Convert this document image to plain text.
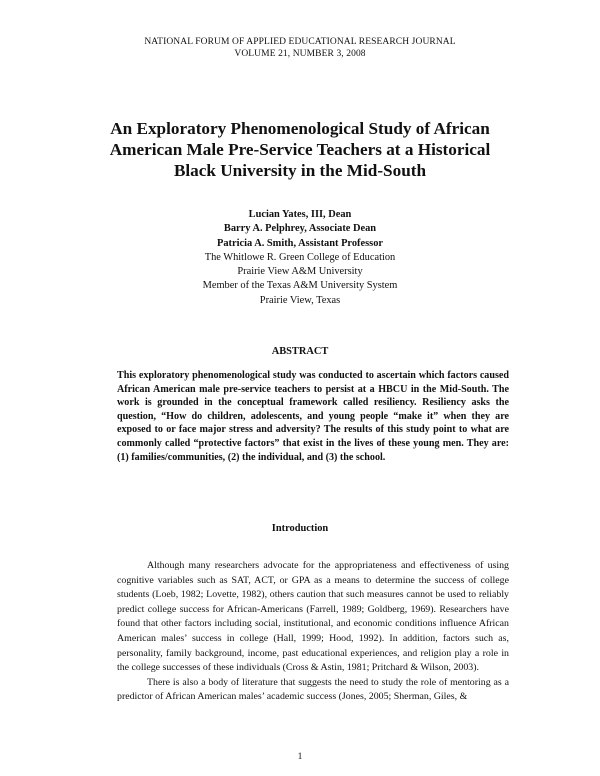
NATIONAL FORUM OF APPLIED EDUCATIONAL RESEARCH JOURNAL
VOLUME 21, NUMBER 3, 2008
An Exploratory Phenomenological Study of African American Male Pre-Service Teachers at a Historical Black University in the Mid-South
Lucian Yates, III, Dean
Barry A. Pelphrey, Associate Dean
Patricia A. Smith, Assistant Professor
The Whitlowe R. Green College of Education
Prairie View A&M University
Member of the Texas A&M University System
Prairie View, Texas
ABSTRACT
This exploratory phenomenological study was conducted to ascertain which factors caused African American male pre-service teachers to persist at a HBCU in the Mid-South. The work is grounded in the conceptual framework called resiliency. Resiliency asks the question, “How do children, adolescents, and young people “make it” when they are exposed to or face major stress and adversity? The results of this study point to what are commonly called “protective factors” that exist in the lives of these young men. They are: (1) families/communities, (2) the individual, and (3) the school.
Introduction

Although many researchers advocate for the appropriateness and effectiveness of using cognitive variables such as SAT, ACT, or GPA as a means to determine the success of college students (Loeb, 1982; Lovette, 1982), others caution that such measures cannot be used to reliably predict college success for African-Americans (Farrell, 1989; Goldberg, 1969). Researchers have found that other factors including social, institutional, and economic conditions influence African American males’ success in college (Hall, 1999; Hood, 1992). In addition, factors such as, personality, family background, income, past educational experiences, and religion play a role in the college successes of these individuals (Cross & Astin, 1981; Pritchard & Wilson, 2003).

There is also a body of literature that suggests the need to study the role of mentoring as a predictor of African American males’ academic success (Jones, 2005; Sherman, Giles, &

1
